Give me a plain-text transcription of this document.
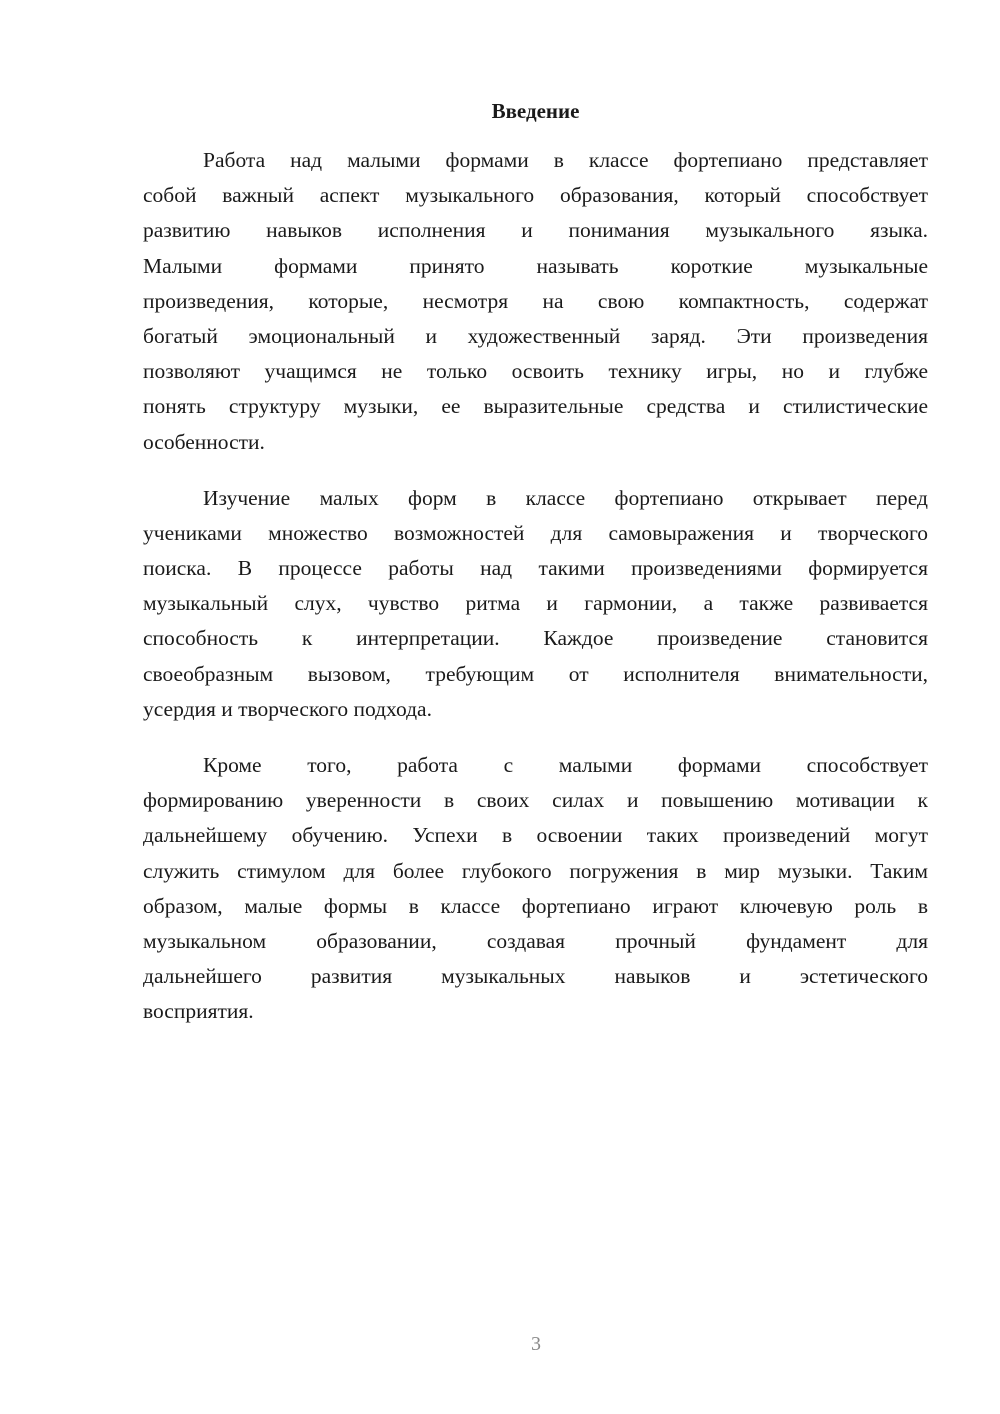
Введение
Работа над малыми формами в классе фортепиано представляет
собой важный аспект музыкального образования, который способствует
развитию навыков исполнения и понимания музыкального языка.
Малыми формами принято называть короткие музыкальные
произведения, которые, несмотря на свою компактность, содержат
богатый эмоциональный и художественный заряд. Эти произведения
позволяют учащимся не только освоить технику игры, но и глубже
понять структуру музыки, ее выразительные средства и стилистические
особенности.
Изучение малых форм в классе фортепиано открывает перед
учениками множество возможностей для самовыражения и творческого
поиска. В процессе работы над такими произведениями формируется
музыкальный слух, чувство ритма и гармонии, а также развивается
способность к интерпретации. Каждое произведение становится
своеобразным вызовом, требующим от исполнителя внимательности,
усердия и творческого подхода.
Кроме того, работа с малыми формами способствует
формированию уверенности в своих силах и повышению мотивации к
дальнейшему обучению. Успехи в освоении таких произведений могут
служить стимулом для более глубокого погружения в мир музыки. Таким
образом, малые формы в классе фортепиано играют ключевую роль в
музыкальном образовании, создавая прочный фундамент для
дальнейшего развития музыкальных навыков и эстетического
восприятия.
3
